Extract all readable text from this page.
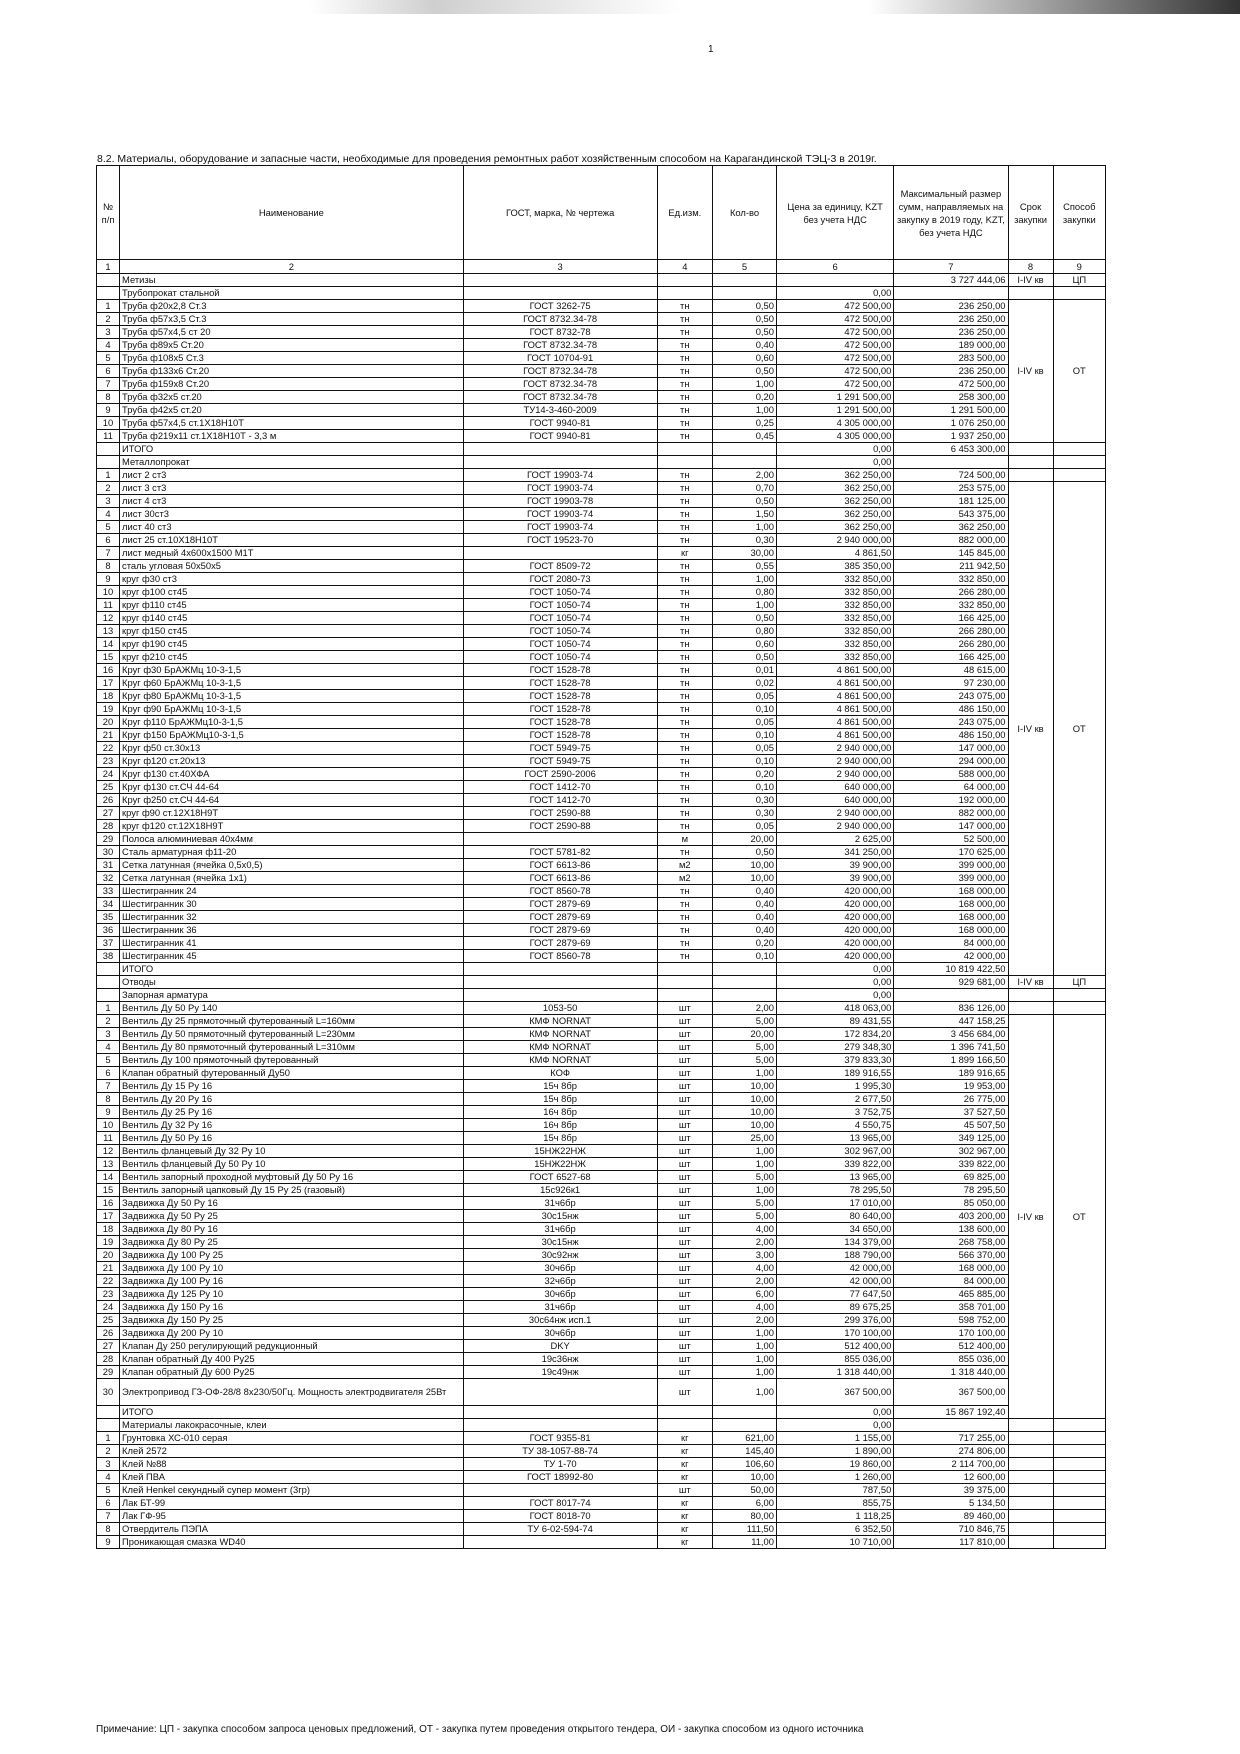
1
8.2. Материалы, оборудование и запасные части, необходимые для проведения ремонтных работ хозяйственным способом на Карагандинской ТЭЦ-3 в 2019г.
№ п/п	Наименование	ГОСТ, марка, № чертежа	Ед.изм.	Кол-во	Цена за единицу, KZT без учета НДС	Максимальный размер сумм, направляемых на закупку в 2019 году, KZT, без учета НДС	Срок закупки	Способ закупки
1	2	3	4	5	6	7	8	9
	Метизы					3 727 444,06	I-IV кв	ЦП
	Трубопрокат стальной				0,00			
1	Труба ф20х2,8 Ст.3	ГОСТ 3262-75	тн	0,50	472 500,00	236 250,00	I-IV кв	ОТ
2	Труба ф57х3,5 Ст.3	ГОСТ 8732.34-78	тн	0,50	472 500,00	236 250,00		
3	Труба ф57х4,5 ст 20	ГОСТ 8732-78	тн	0,50	472 500,00	236 250,00		
4	Труба ф89х5 Ст.20	ГОСТ 8732.34-78	тн	0,40	472 500,00	189 000,00		
5	Труба ф108х5 Ст.3	ГОСТ 10704-91	тн	0,60	472 500,00	283 500,00		
6	Труба ф133х6 Ст.20	ГОСТ 8732.34-78	тн	0,50	472 500,00	236 250,00		
7	Труба ф159х8 Ст.20	ГОСТ 8732.34-78	тн	1,00	472 500,00	472 500,00		
8	Труба ф32х5 ст.20	ГОСТ 8732.34-78	тн	0,20	1 291 500,00	258 300,00		
9	Труба ф42х5 ст.20	ТУ14-3-460-2009	тн	1,00	1 291 500,00	1 291 500,00		
10	Труба ф57х4,5 ст.1Х18Н10Т	ГОСТ 9940-81	тн	0,25	4 305 000,00	1 076 250,00		
11	Труба ф219х11 ст.1Х18Н10Т - 3,3 м	ГОСТ 9940-81	тн	0,45	4 305 000,00	1 937 250,00		
	ИТОГО				0,00	6 453 300,00		
	Металлопрокат				0,00			
1	лист 2 ст3	ГОСТ 19903-74	тн	2,00	362 250,00	724 500,00		
2	лист 3 ст3	ГОСТ 19903-74	тн	0,70	362 250,00	253 575,00	I-IV кв	ОТ
3	лист 4 ст3	ГОСТ 19903-78	тн	0,50	362 250,00	181 125,00		
4	лист 30ст3	ГОСТ 19903-74	тн	1,50	362 250,00	543 375,00		
5	лист 40 ст3	ГОСТ 19903-74	тн	1,00	362 250,00	362 250,00		
6	лист 25 ст.10Х18Н10Т	ГОСТ 19523-70	тн	0,30	2 940 000,00	882 000,00		
7	лист медный 4х600х1500 М1Т		кг	30,00	4 861,50	145 845,00		
8	сталь угловая 50х50х5	ГОСТ 8509-72	тн	0,55	385 350,00	211 942,50		
9	круг ф30 ст3	ГОСТ 2080-73	тн	1,00	332 850,00	332 850,00		
10	круг ф100 ст45	ГОСТ 1050-74	тн	0,80	332 850,00	266 280,00		
11	круг ф110 ст45	ГОСТ 1050-74	тн	1,00	332 850,00	332 850,00		
12	круг ф140 ст45	ГОСТ 1050-74	тн	0,50	332 850,00	166 425,00		
13	круг ф150 ст45	ГОСТ 1050-74	тн	0,80	332 850,00	266 280,00		
14	круг ф190 ст45	ГОСТ 1050-74	тн	0,60	332 850,00	266 280,00		
15	круг ф210 ст45	ГОСТ 1050-74	тн	0,50	332 850,00	166 425,00		
16	Круг ф30 БрАЖМц 10-3-1,5	ГОСТ 1528-78	тн	0,01	4 861 500,00	48 615,00		
17	Круг ф60 БрАЖМц 10-3-1,5	ГОСТ 1528-78	тн	0,02	4 861 500,00	97 230,00		
18	Круг ф80 БрАЖМц 10-3-1,5	ГОСТ 1528-78	тн	0,05	4 861 500,00	243 075,00		
19	Круг ф90 БрАЖМц 10-3-1,5	ГОСТ 1528-78	тн	0,10	4 861 500,00	486 150,00		
20	Круг ф110 БрАЖМц10-3-1,5	ГОСТ 1528-78	тн	0,05	4 861 500,00	243 075,00		
21	Круг ф150 БрАЖМц10-3-1,5	ГОСТ 1528-78	тн	0,10	4 861 500,00	486 150,00		
22	Круг ф50 ст.30х13	ГОСТ 5949-75	тн	0,05	2 940 000,00	147 000,00		
23	Круг ф120 ст.20х13	ГОСТ 5949-75	тн	0,10	2 940 000,00	294 000,00		
24	Круг ф130 ст.40ХФА	ГОСТ 2590-2006	тн	0,20	2 940 000,00	588 000,00		
25	Круг ф130 ст.СЧ 44-64	ГОСТ 1412-70	тн	0,10	640 000,00	64 000,00		
26	Круг ф250 ст.СЧ 44-64	ГОСТ 1412-70	тн	0,30	640 000,00	192 000,00		
27	круг ф90 ст.12Х18Н9Т	ГОСТ 2590-88	тн	0,30	2 940 000,00	882 000,00		
28	круг ф120 ст.12Х18Н9Т	ГОСТ 2590-88	тн	0,05	2 940 000,00	147 000,00		
29	Полоса алюминиевая 40х4мм		м	20,00	2 625,00	52 500,00		
30	Сталь арматурная ф11-20	ГОСТ 5781-82	тн	0,50	341 250,00	170 625,00		
31	Сетка латунная (ячейка 0,5х0,5)	ГОСТ 6613-86	м2	10,00	39 900,00	399 000,00		
32	Сетка латунная (ячейка 1х1)	ГОСТ 6613-86	м2	10,00	39 900,00	399 000,00		
33	Шестигранник 24	ГОСТ 8560-78	тн	0,40	420 000,00	168 000,00		
34	Шестигранник 30	ГОСТ 2879-69	тн	0,40	420 000,00	168 000,00		
35	Шестигранник 32	ГОСТ 2879-69	тн	0,40	420 000,00	168 000,00		
36	Шестигранник 36	ГОСТ 2879-69	тн	0,40	420 000,00	168 000,00		
37	Шестигранник 41	ГОСТ 2879-69	тн	0,20	420 000,00	84 000,00		
38	Шестигранник 45	ГОСТ 8560-78	тн	0,10	420 000,00	42 000,00		
	ИТОГО				0,00	10 819 422,50		
	Отводы				0,00	929 681,00	I-IV кв	ЦП
	Запорная арматура				0,00			
1	Вентиль Ду 50 Ру 140	1053-50	шт	2,00	418 063,00	836 126,00		
2	Вентиль Ду 25 прямоточный футерованный L=160мм	КМФ NORNAT	шт	5,00	89 431,55	447 158,25	I-IV кв	ОТ
3	Вентиль Ду 50 прямоточный футерованный L=230мм	КМФ NORNAT	шт	20,00	172 834,20	3 456 684,00		
4	Вентиль Ду 80 прямоточный футерованный L=310мм	КМФ NORNAT	шт	5,00	279 348,30	1 396 741,50		
5	Вентиль Ду 100 прямоточный футерованный	КМФ NORNAT	шт	5,00	379 833,30	1 899 166,50		
6	Клапан обратный футерованный Ду50	КОФ	шт	1,00	189 916,55	189 916,65		
7	Вентиль Ду 15 Ру 16	15ч 8бр	шт	10,00	1 995,30	19 953,00		
8	Вентиль Ду 20 Ру 16	15ч 8бр	шт	10,00	2 677,50	26 775,00		
9	Вентиль Ду 25 Ру 16	16ч 8бр	шт	10,00	3 752,75	37 527,50		
10	Вентиль Ду 32 Ру 16	16ч 8бр	шт	10,00	4 550,75	45 507,50		
11	Вентиль Ду 50 Ру 16	15ч 8бр	шт	25,00	13 965,00	349 125,00		
12	Вентиль фланцевый Ду 32 Ру 10	15НЖ22НЖ	шт	1,00	302 967,00	302 967,00		
13	Вентиль фланцевый Ду 50 Ру 10	15НЖ22НЖ	шт	1,00	339 822,00	339 822,00		
14	Вентиль запорный проходной муфтовый Ду 50 Ру 16	ГОСТ 6527-68	шт	5,00	13 965,00	69 825,00		
15	Вентиль запорный цапковый Ду 15 Ру 25 (газовый)	15с926к1	шт	1,00	78 295,50	78 295,50		
16	Задвижка Ду 50 Ру 16	31ч6бр	шт	5,00	17 010,00	85 050,00		
17	Задвижка Ду 50 Ру 25	30с15нж	шт	5,00	80 640,00	403 200,00		
18	Задвижка Ду 80 Ру 16	31ч6бр	шт	4,00	34 650,00	138 600,00		
19	Задвижка Ду 80 Ру 25	30с15нж	шт	2,00	134 379,00	268 758,00		
20	Задвижка Ду 100 Ру 25	30с92нж	шт	3,00	188 790,00	566 370,00		
21	Задвижка Ду 100 Ру 10	30ч6бр	шт	4,00	42 000,00	168 000,00		
22	Задвижка Ду 100 Ру 16	32ч6бр	шт	2,00	42 000,00	84 000,00		
23	Задвижка Ду 125 Ру 10	30ч6бр	шт	6,00	77 647,50	465 885,00		
24	Задвижка Ду 150 Ру 16	31ч6бр	шт	4,00	89 675,25	358 701,00		
25	Задвижка Ду 150 Ру 25	30с64нж исп.1	шт	2,00	299 376,00	598 752,00		
26	Задвижка Ду 200 Ру 10	30ч6бр	шт	1,00	170 100,00	170 100,00		
27	Клапан Ду 250 регулирующий редукционный	DKY	шт	1,00	512 400,00	512 400,00		
28	Клапан обратный Ду 400 Ру25	19с36нж	шт	1,00	855 036,00	855 036,00		
29	Клапан обратный Ду 600 Ру25	19с49нж	шт	1,00	1 318 440,00	1 318 440,00		
30	Электропривод ГЗ-ОФ-28/8 8х230/50Гц. Мощность электродвигателя 25Вт		шт	1,00	367 500,00	367 500,00		
	ИТОГО				0,00	15 867 192,40		
	Материалы лакокрасочные, клеи				0,00			
1	Грунтовка ХС-010 серая	ГОСТ 9355-81	кг	621,00	1 155,00	717 255,00		
2	Клей 2572	ТУ 38-1057-88-74	кг	145,40	1 890,00	274 806,00		
3	Клей №88	ТУ 1-70	кг	106,60	19 860,00	2 114 700,00		
4	Клей ПВА	ГОСТ 18992-80	кг	10,00	1 260,00	12 600,00		
5	Клей Henkel секундный супер момент (3гр)		шт	50,00	787,50	39 375,00		
6	Лак БТ-99	ГОСТ 8017-74	кг	6,00	855,75	5 134,50		
7	Лак ГФ-95	ГОСТ 8018-70	кг	80,00	1 118,25	89 460,00		
8	Отвердитель ПЭПА	ТУ 6-02-594-74	кг	111,50	6 352,50	710 846,75		
9	Проникающая смазка WD40		кг	11,00	10 710,00	117 810,00		
Примечание: ЦП - закупка способом запроса ценовых предложений, ОТ - закупка путем проведения открытого тендера, ОИ - закупка способом из одного источника
